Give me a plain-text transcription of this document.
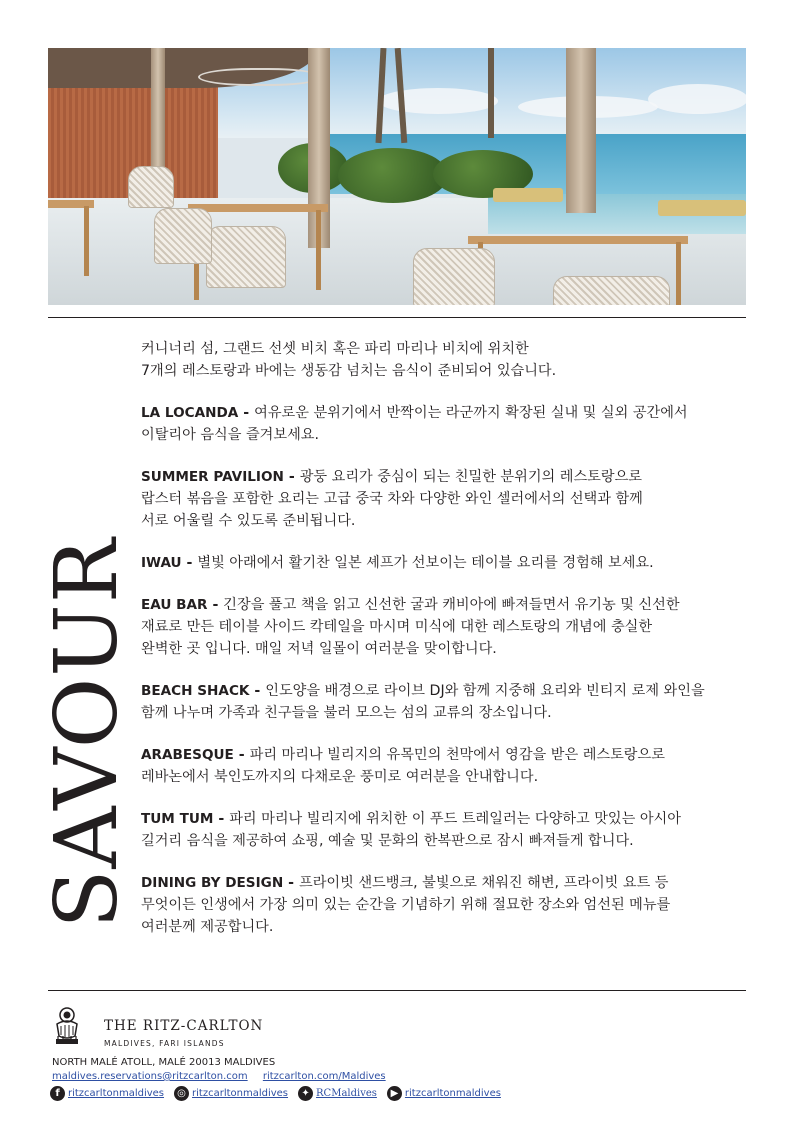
SAVOUR

커니너리 섬, 그랜드 선셋 비치 혹은 파리 마리나 비치에 위치한
7개의 레스토랑과 바에는 생동감 넘치는 음식이 준비되어 있습니다.

LA LOCANDA - 여유로운 분위기에서 반짝이는 라군까지 확장된 실내 및 실외 공간에서
이탈리아 음식을 즐겨보세요.

SUMMER PAVILION - 광둥 요리가 중심이 되는 친밀한 분위기의 레스토랑으로
랍스터 볶음을 포함한 요리는 고급 중국 차와 다양한 와인 셀러에서의 선택과 함께
서로 어울릴 수 있도록 준비됩니다.

IWAU - 별빛 아래에서 활기찬 일본 셰프가 선보이는 테이블 요리를 경험해 보세요.

EAU BAR - 긴장을 풀고 책을 읽고 신선한 굴과 캐비아에 빠져들면서 유기농 및 신선한
재료로 만든 테이블 사이드 칵테일을 마시며 미식에 대한 레스토랑의 개념에 충실한
완벽한 곳 입니다. 매일 저녁 일몰이 여러분을 맞이합니다.

BEACH SHACK - 인도양을 배경으로 라이브 DJ와 함께 지중해 요리와 빈티지 로제 와인을
함께 나누며 가족과 친구들을 불러 모으는 섬의 교류의 장소입니다.

ARABESQUE - 파리 마리나 빌리지의 유목민의 천막에서 영감을 받은 레스토랑으로
레바논에서 북인도까지의 다채로운 풍미로 여러분을 안내합니다.

TUM TUM - 파리 마리나 빌리지에 위치한 이 푸드 트레일러는 다양하고 맛있는 아시아
길거리 음식을 제공하여 쇼핑, 예술 및 문화의 한복판으로 잠시 빠져들게 합니다.

DINING BY DESIGN - 프라이빗 샌드뱅크, 불빛으로 채워진 해변, 프라이빗 요트 등
무엇이든 인생에서 가장 의미 있는 순간을 기념하기 위해 절묘한 장소와 엄선된 메뉴를
여러분께 제공합니다.

THE RITZ-CARLTON
MALDIVES, FARI ISLANDS
NORTH MALÉ ATOLL, MALÉ 20013 MALDIVES
maldives.reservations@ritzcarlton.com ritzcarlton.com/Maldives
f ritzcarltonmaldives	◎ ritzcarltonmaldives	✦ RCMaldives	▶ ritzcarltonmaldives
